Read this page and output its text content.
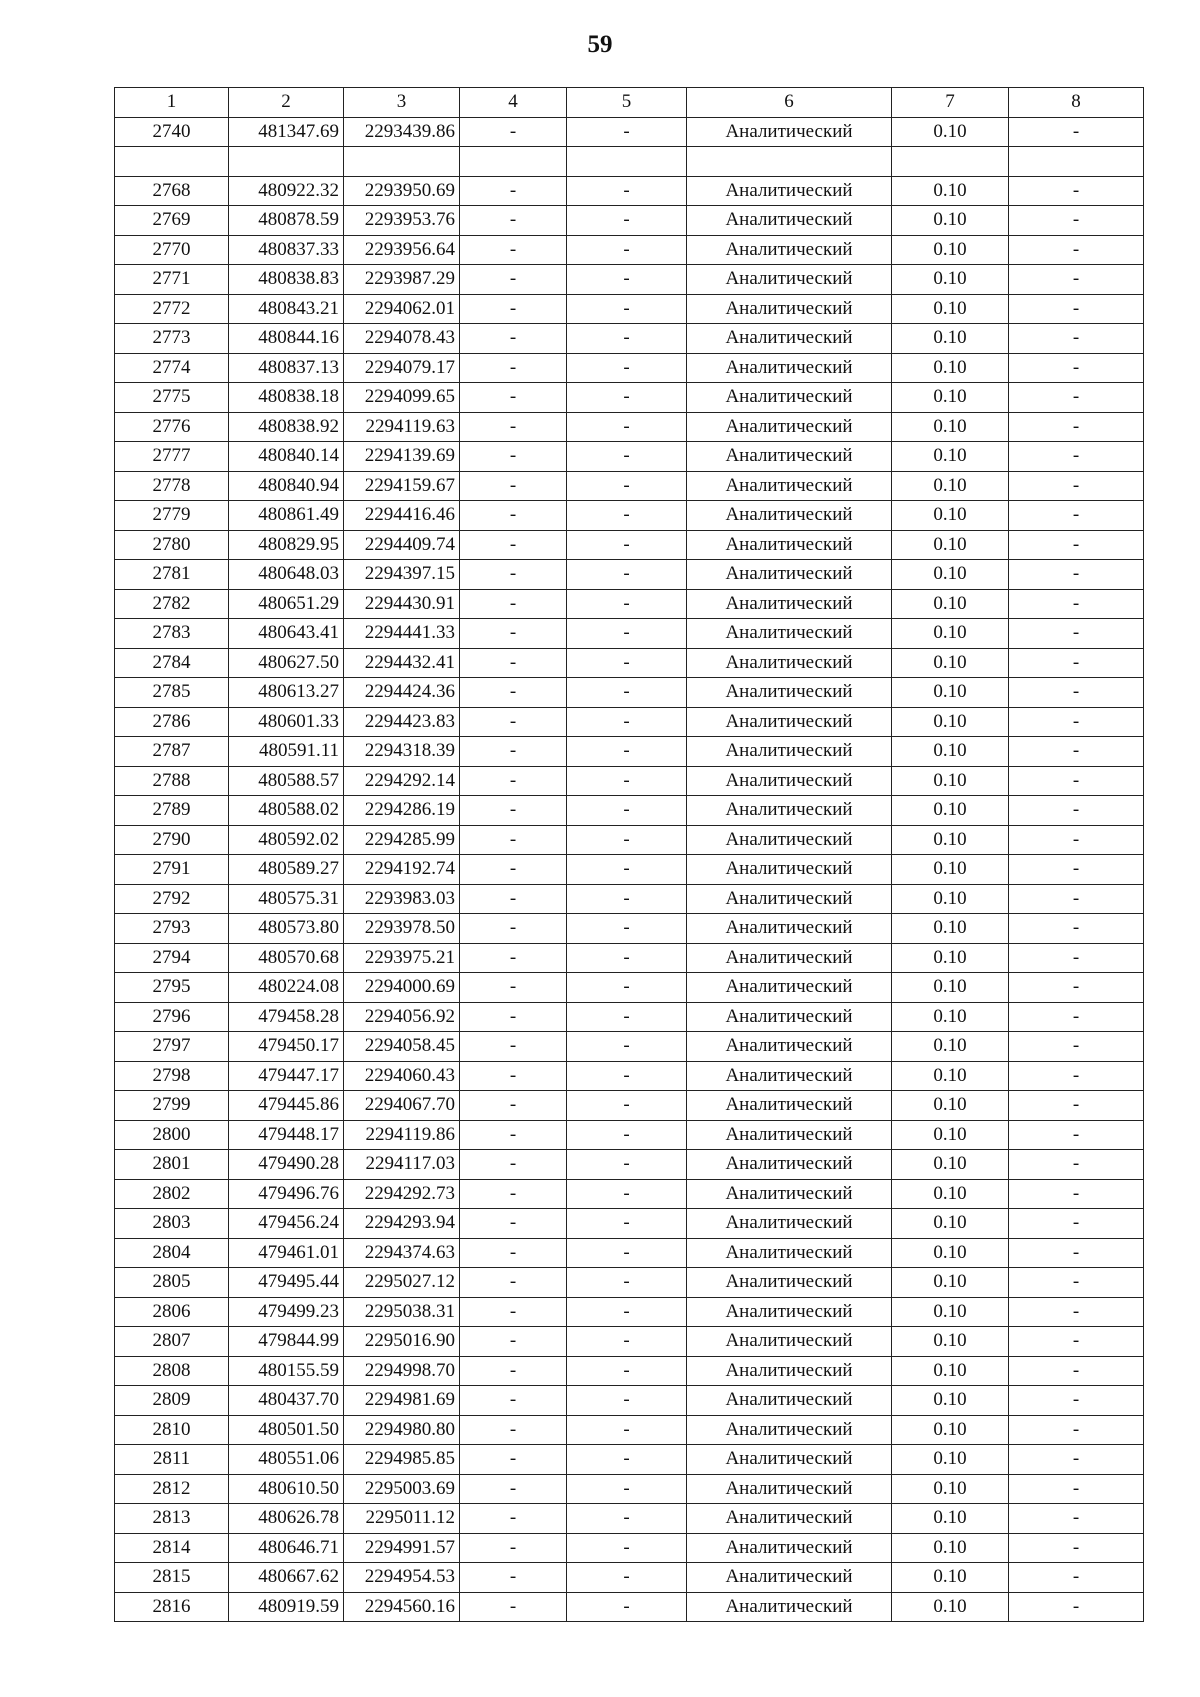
59
1	2	3	4	5	6	7	8
2740	481347.69	2293439.86	-	-	Аналитический	0.10	-

2768	480922.32	2293950.69	-	-	Аналитический	0.10	-
2769	480878.59	2293953.76	-	-	Аналитический	0.10	-
2770	480837.33	2293956.64	-	-	Аналитический	0.10	-
2771	480838.83	2293987.29	-	-	Аналитический	0.10	-
2772	480843.21	2294062.01	-	-	Аналитический	0.10	-
2773	480844.16	2294078.43	-	-	Аналитический	0.10	-
2774	480837.13	2294079.17	-	-	Аналитический	0.10	-
2775	480838.18	2294099.65	-	-	Аналитический	0.10	-
2776	480838.92	2294119.63	-	-	Аналитический	0.10	-
2777	480840.14	2294139.69	-	-	Аналитический	0.10	-
2778	480840.94	2294159.67	-	-	Аналитический	0.10	-
2779	480861.49	2294416.46	-	-	Аналитический	0.10	-
2780	480829.95	2294409.74	-	-	Аналитический	0.10	-
2781	480648.03	2294397.15	-	-	Аналитический	0.10	-
2782	480651.29	2294430.91	-	-	Аналитический	0.10	-
2783	480643.41	2294441.33	-	-	Аналитический	0.10	-
2784	480627.50	2294432.41	-	-	Аналитический	0.10	-
2785	480613.27	2294424.36	-	-	Аналитический	0.10	-
2786	480601.33	2294423.83	-	-	Аналитический	0.10	-
2787	480591.11	2294318.39	-	-	Аналитический	0.10	-
2788	480588.57	2294292.14	-	-	Аналитический	0.10	-
2789	480588.02	2294286.19	-	-	Аналитический	0.10	-
2790	480592.02	2294285.99	-	-	Аналитический	0.10	-
2791	480589.27	2294192.74	-	-	Аналитический	0.10	-
2792	480575.31	2293983.03	-	-	Аналитический	0.10	-
2793	480573.80	2293978.50	-	-	Аналитический	0.10	-
2794	480570.68	2293975.21	-	-	Аналитический	0.10	-
2795	480224.08	2294000.69	-	-	Аналитический	0.10	-
2796	479458.28	2294056.92	-	-	Аналитический	0.10	-
2797	479450.17	2294058.45	-	-	Аналитический	0.10	-
2798	479447.17	2294060.43	-	-	Аналитический	0.10	-
2799	479445.86	2294067.70	-	-	Аналитический	0.10	-
2800	479448.17	2294119.86	-	-	Аналитический	0.10	-
2801	479490.28	2294117.03	-	-	Аналитический	0.10	-
2802	479496.76	2294292.73	-	-	Аналитический	0.10	-
2803	479456.24	2294293.94	-	-	Аналитический	0.10	-
2804	479461.01	2294374.63	-	-	Аналитический	0.10	-
2805	479495.44	2295027.12	-	-	Аналитический	0.10	-
2806	479499.23	2295038.31	-	-	Аналитический	0.10	-
2807	479844.99	2295016.90	-	-	Аналитический	0.10	-
2808	480155.59	2294998.70	-	-	Аналитический	0.10	-
2809	480437.70	2294981.69	-	-	Аналитический	0.10	-
2810	480501.50	2294980.80	-	-	Аналитический	0.10	-
2811	480551.06	2294985.85	-	-	Аналитический	0.10	-
2812	480610.50	2295003.69	-	-	Аналитический	0.10	-
2813	480626.78	2295011.12	-	-	Аналитический	0.10	-
2814	480646.71	2294991.57	-	-	Аналитический	0.10	-
2815	480667.62	2294954.53	-	-	Аналитический	0.10	-
2816	480919.59	2294560.16	-	-	Аналитический	0.10	-
